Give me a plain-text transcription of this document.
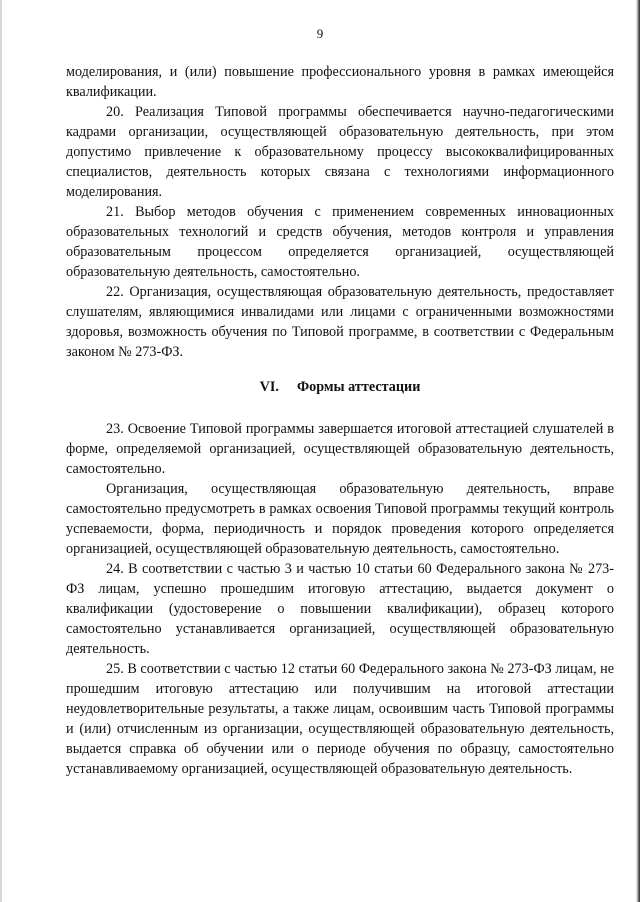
9

моделирования, и (или) повышение профессионального уровня в рамках имеющейся квалификации.

20. Реализация Типовой программы обеспечивается научно-педагогическими кадрами организации, осуществляющей образовательную деятельность, при этом допустимо привлечение к образовательному процессу высококвалифицированных специалистов, деятельность которых связана с технологиями информационного моделирования.

21. Выбор методов обучения с применением современных инновационных образовательных технологий и средств обучения, методов контроля и управления образовательным процессом определяется организацией, осуществляющей образовательную деятельность, самостоятельно.

22. Организация, осуществляющая образовательную деятельность, предоставляет слушателям, являющимися инвалидами или лицами с ограниченными возможностями здоровья, возможность обучения по Типовой программе, в соответствии с Федеральным законом № 273-ФЗ.

VI. Формы аттестации

23. Освоение Типовой программы завершается итоговой аттестацией слушателей в форме, определяемой организацией, осуществляющей образовательную деятельность, самостоятельно.

Организация, осуществляющая образовательную деятельность, вправе самостоятельно предусмотреть в рамках освоения Типовой программы текущий контроль успеваемости, форма, периодичность и порядок проведения которого определяется организацией, осуществляющей образовательную деятельность, самостоятельно.

24. В соответствии с частью 3 и частью 10 статьи 60 Федерального закона № 273-ФЗ лицам, успешно прошедшим итоговую аттестацию, выдается документ о квалификации (удостоверение о повышении квалификации), образец которого самостоятельно устанавливается организацией, осуществляющей образовательную деятельность.

25. В соответствии с частью 12 статьи 60 Федерального закона № 273-ФЗ лицам, не прошедшим итоговую аттестацию или получившим на итоговой аттестации неудовлетворительные результаты, а также лицам, освоившим часть Типовой программы и (или) отчисленным из организации, осуществляющей образовательную деятельность, выдается справка об обучении или о периоде обучения по образцу, самостоятельно устанавливаемому организацией, осуществляющей образовательную деятельность.
